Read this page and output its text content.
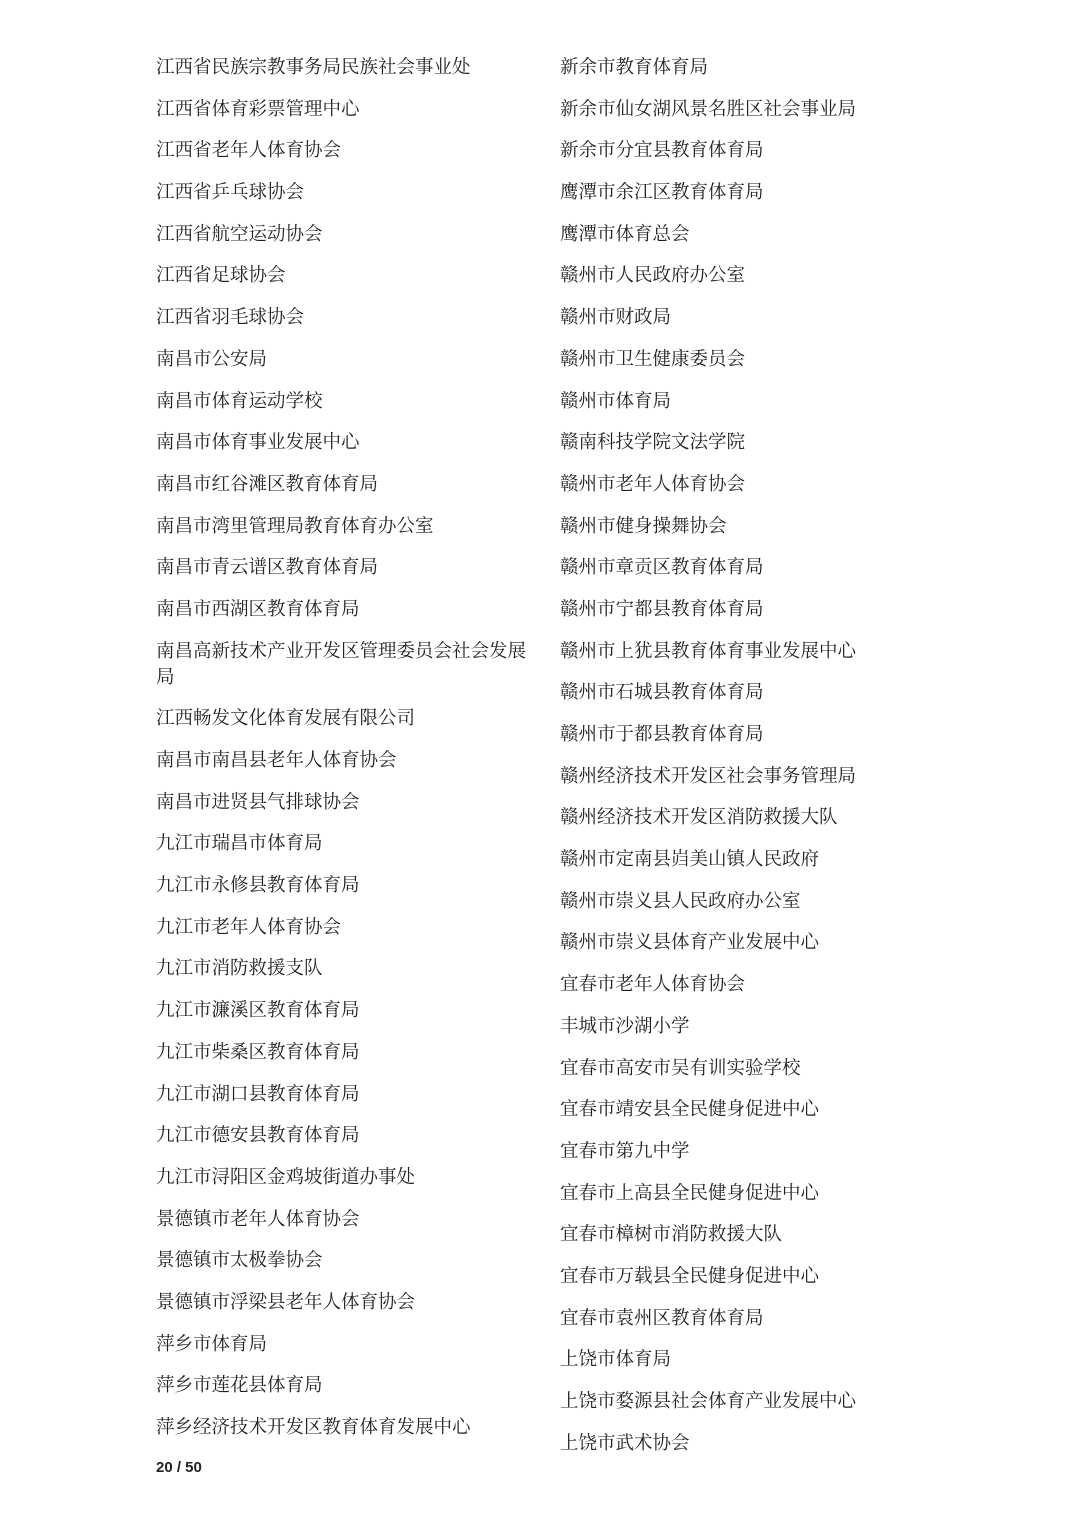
江西省民族宗教事务局民族社会事业处
江西省体育彩票管理中心
江西省老年人体育协会
江西省乒乓球协会
江西省航空运动协会
江西省足球协会
江西省羽毛球协会
南昌市公安局
南昌市体育运动学校
南昌市体育事业发展中心
南昌市红谷滩区教育体育局
南昌市湾里管理局教育体育办公室
南昌市青云谱区教育体育局
南昌市西湖区教育体育局
南昌高新技术产业开发区管理委员会社会发展局
江西畅发文化体育发展有限公司
南昌市南昌县老年人体育协会
南昌市进贤县气排球协会
九江市瑞昌市体育局
九江市永修县教育体育局
九江市老年人体育协会
九江市消防救援支队
九江市濂溪区教育体育局
九江市柴桑区教育体育局
九江市湖口县教育体育局
九江市德安县教育体育局
九江市浔阳区金鸡坡街道办事处
景德镇市老年人体育协会
景德镇市太极拳协会
景德镇市浮梁县老年人体育协会
萍乡市体育局
萍乡市莲花县体育局
萍乡经济技术开发区教育体育发展中心
新余市教育体育局
新余市仙女湖风景名胜区社会事业局
新余市分宜县教育体育局
鹰潭市余江区教育体育局
鹰潭市体育总会
赣州市人民政府办公室
赣州市财政局
赣州市卫生健康委员会
赣州市体育局
赣南科技学院文法学院
赣州市老年人体育协会
赣州市健身操舞协会
赣州市章贡区教育体育局
赣州市宁都县教育体育局
赣州市上犹县教育体育事业发展中心
赣州市石城县教育体育局
赣州市于都县教育体育局
赣州经济技术开发区社会事务管理局
赣州经济技术开发区消防救援大队
赣州市定南县岿美山镇人民政府
赣州市崇义县人民政府办公室
赣州市崇义县体育产业发展中心
宜春市老年人体育协会
丰城市沙湖小学
宜春市高安市吴有训实验学校
宜春市靖安县全民健身促进中心
宜春市第九中学
宜春市上高县全民健身促进中心
宜春市樟树市消防救援大队
宜春市万载县全民健身促进中心
宜春市袁州区教育体育局
上饶市体育局
上饶市婺源县社会体育产业发展中心
上饶市武术协会
20 / 50
